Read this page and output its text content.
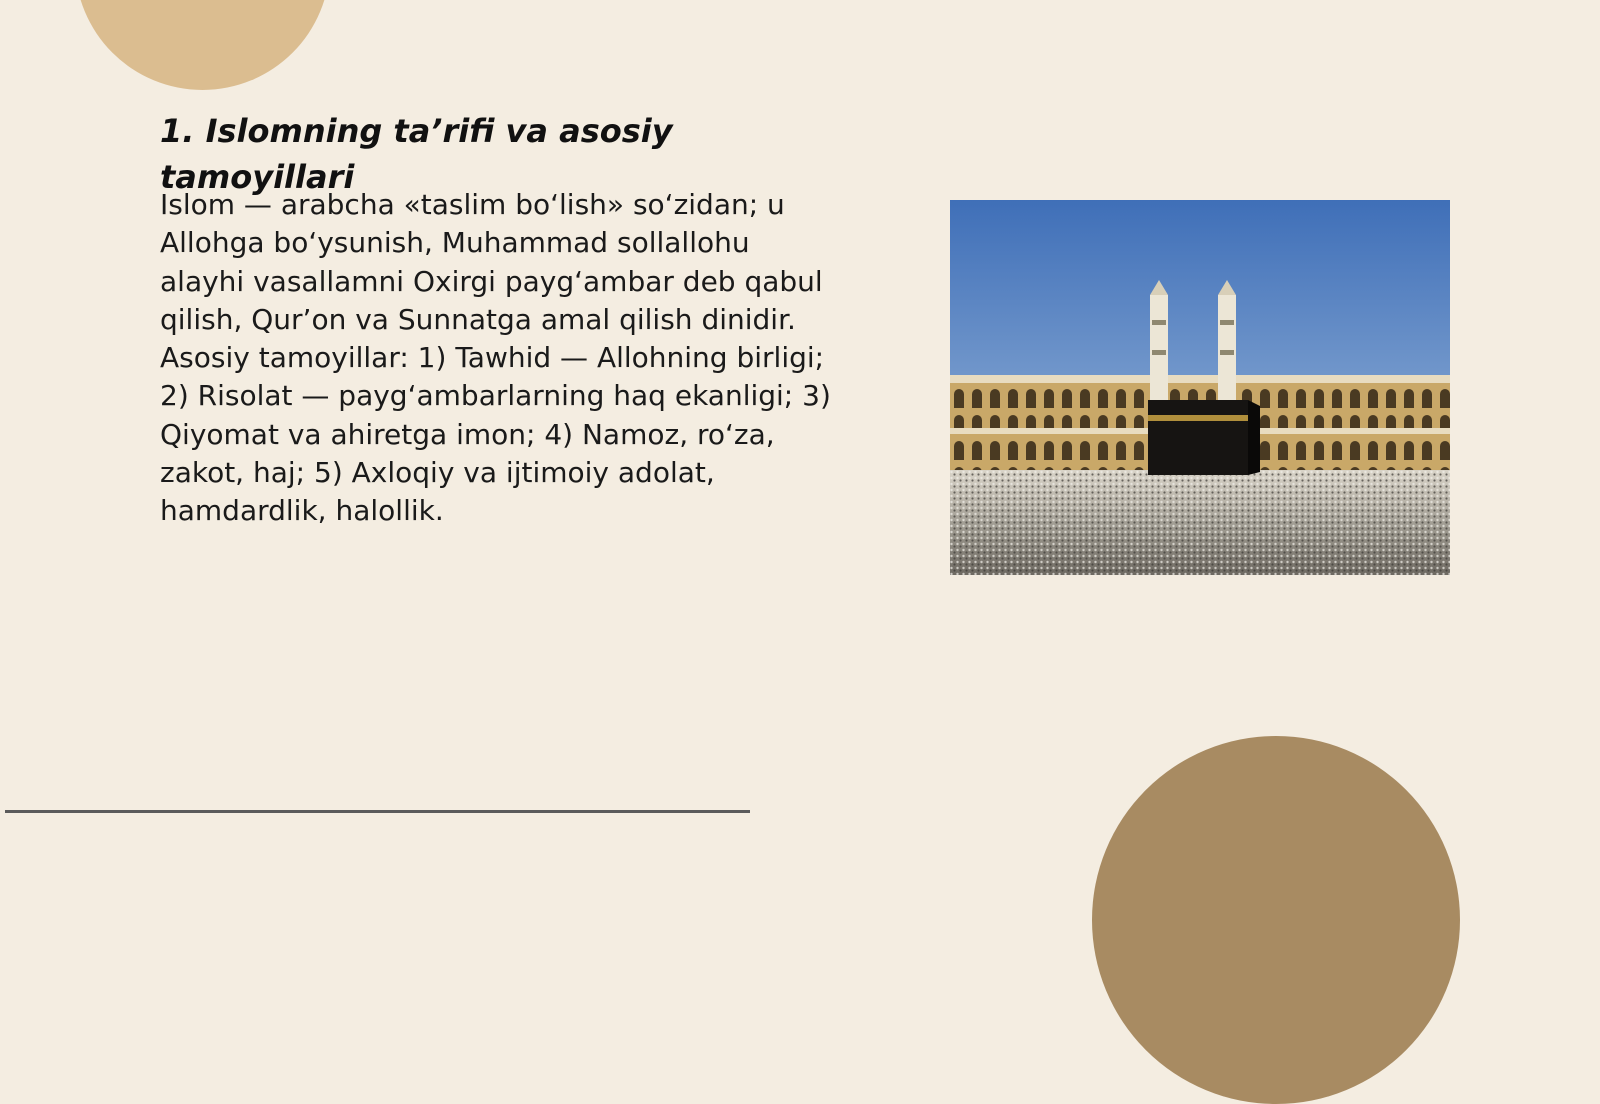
1. Islomning ta’rifi va asosiy tamoyillari

Islom — arabcha «taslim bo‘lish» so‘zidan; u Allohga bo‘ysunish, Muhammad sollallohu alayhi vasallamni Oxirgi payg‘ambar deb qabul qilish, Qur’on va Sunnatga amal qilish dinidir. Asosiy tamoyillar: 1) Tawhid — Allohning birligi; 2) Risolat — payg‘ambarlarning haq ekanligi; 3) Qiyomat va ahiretga imon; 4) Namoz, ro‘za, zakot, haj; 5) Axloqiy va ijtimoiy adolat, hamdardlik, halollik.
